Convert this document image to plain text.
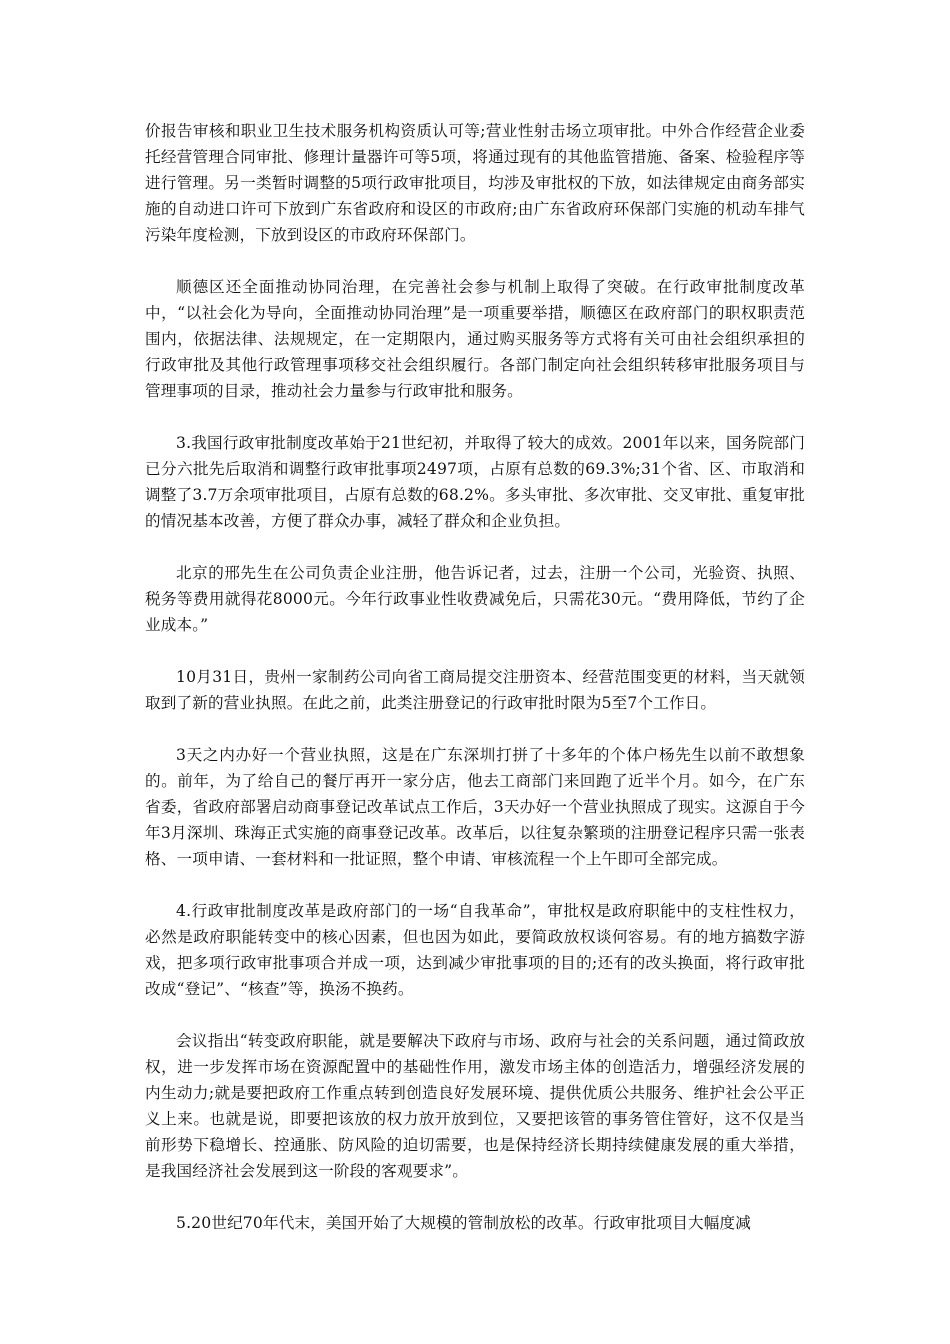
价报告审核和职业卫生技术服务机构资质认可等;营业性射击场立项审批。中外合作经营企业委托经营管理合同审批、修理计量器许可等5项，将通过现有的其他监管措施、备案、检验程序等进行管理。另一类暂时调整的5项行政审批项目，均涉及审批权的下放，如法律规定由商务部实施的自动进口许可下放到广东省政府和设区的市政府;由广东省政府环保部门实施的机动车排气污染年度检测，下放到设区的市政府环保部门。

顺德区还全面推动协同治理，在完善社会参与机制上取得了突破。在行政审批制度改革中，“以社会化为导向，全面推动协同治理”是一项重要举措，顺德区在政府部门的职权职责范围内，依据法律、法规规定，在一定期限内，通过购买服务等方式将有关可由社会组织承担的行政审批及其他行政管理事项移交社会组织履行。各部门制定向社会组织转移审批服务项目与管理事项的目录，推动社会力量参与行政审批和服务。

3.我国行政审批制度改革始于21世纪初，并取得了较大的成效。2001年以来，国务院部门已分六批先后取消和调整行政审批事项2497项，占原有总数的69.3%;31个省、区、市取消和调整了3.7万余项审批项目，占原有总数的68.2%。多头审批、多次审批、交叉审批、重复审批的情况基本改善，方便了群众办事，减轻了群众和企业负担。

北京的邢先生在公司负责企业注册，他告诉记者，过去，注册一个公司，光验资、执照、税务等费用就得花8000元。今年行政事业性收费减免后，只需花30元。“费用降低，节约了企业成本。”

10月31日，贵州一家制药公司向省工商局提交注册资本、经营范围变更的材料，当天就领取到了新的营业执照。在此之前，此类注册登记的行政审批时限为5至7个工作日。

3天之内办好一个营业执照，这是在广东深圳打拼了十多年的个体户杨先生以前不敢想象的。前年，为了给自己的餐厅再开一家分店，他去工商部门来回跑了近半个月。如今，在广东省委，省政府部署启动商事登记改革试点工作后，3天办好一个营业执照成了现实。这源自于今年3月深圳、珠海正式实施的商事登记改革。改革后，以往复杂繁琐的注册登记程序只需一张表格、一项申请、一套材料和一批证照，整个申请、审核流程一个上午即可全部完成。

4.行政审批制度改革是政府部门的一场“自我革命”，审批权是政府职能中的支柱性权力，必然是政府职能转变中的核心因素，但也因为如此，要简政放权谈何容易。有的地方搞数字游戏，把多项行政审批事项合并成一项，达到减少审批事项的目的;还有的改头换面，将行政审批改成“登记”、“核查”等，换汤不换药。

会议指出“转变政府职能，就是要解决下政府与市场、政府与社会的关系问题，通过简政放权，进一步发挥市场在资源配置中的基础性作用，激发市场主体的创造活力，增强经济发展的内生动力;就是要把政府工作重点转到创造良好发展环境、提供优质公共服务、维护社会公平正义上来。也就是说，即要把该放的权力放开放到位，又要把该管的事务管住管好，这不仅是当前形势下稳增长、控通胀、防风险的迫切需要，也是保持经济长期持续健康发展的重大举措，是我国经济社会发展到这一阶段的客观要求”。

5.20世纪70年代末，美国开始了大规模的管制放松的改革。行政审批项目大幅度减
